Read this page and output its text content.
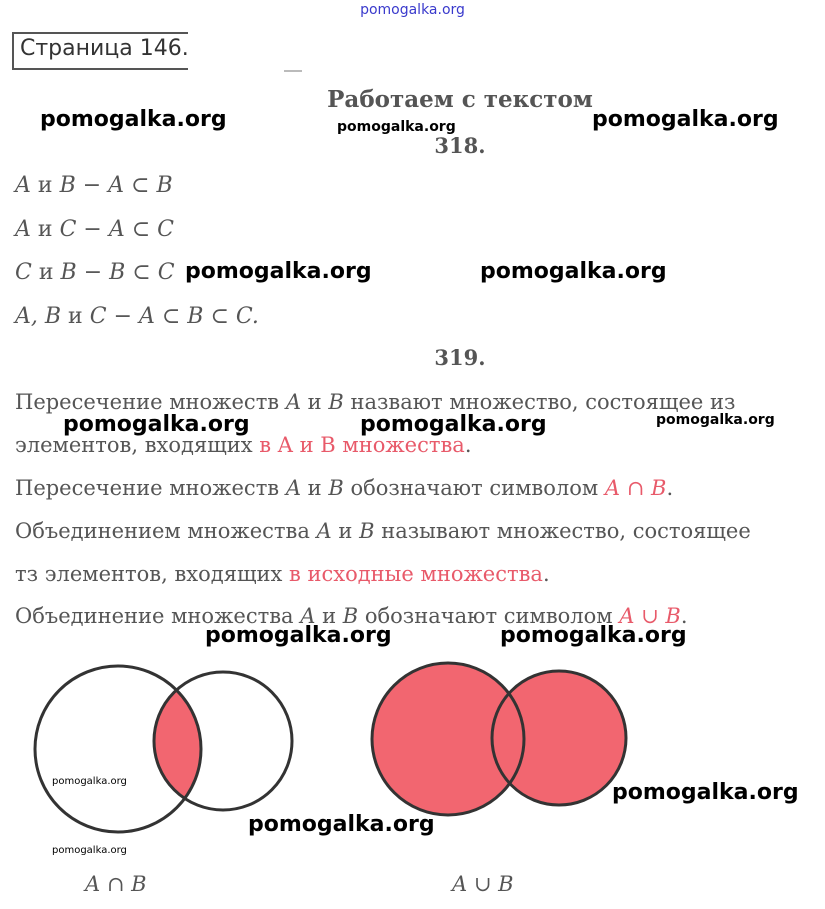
pomogalka.org
Страница 146.
Работаем с текстом
318.
A и B − A ⊂ B
A и C − A ⊂ C
C и B − B ⊂ C
A, B и C − A ⊂ B ⊂ C.
319.
Пересечение множеств A и B назвают множество, состоящее из
элементов, входящих в A и B множества.
Пересечение множеств A и B обозначают символом A ∩ B.
Объединением множества A и B называют множество, состоящее
тз элементов, входящих в исходные множества.
Объединение множества A и B обозначают символом A ∪ B.
A ∩ B	A ∪ B
pomogalka.org	pomogalka.org	pomogalka.org
pomogalka.org	pomogalka.org
pomogalka.org	pomogalka.org	pomogalka.org
pomogalka.org	pomogalka.org
pomogalka.org	pomogalka.org
pomogalka.org
pomogalka.org
